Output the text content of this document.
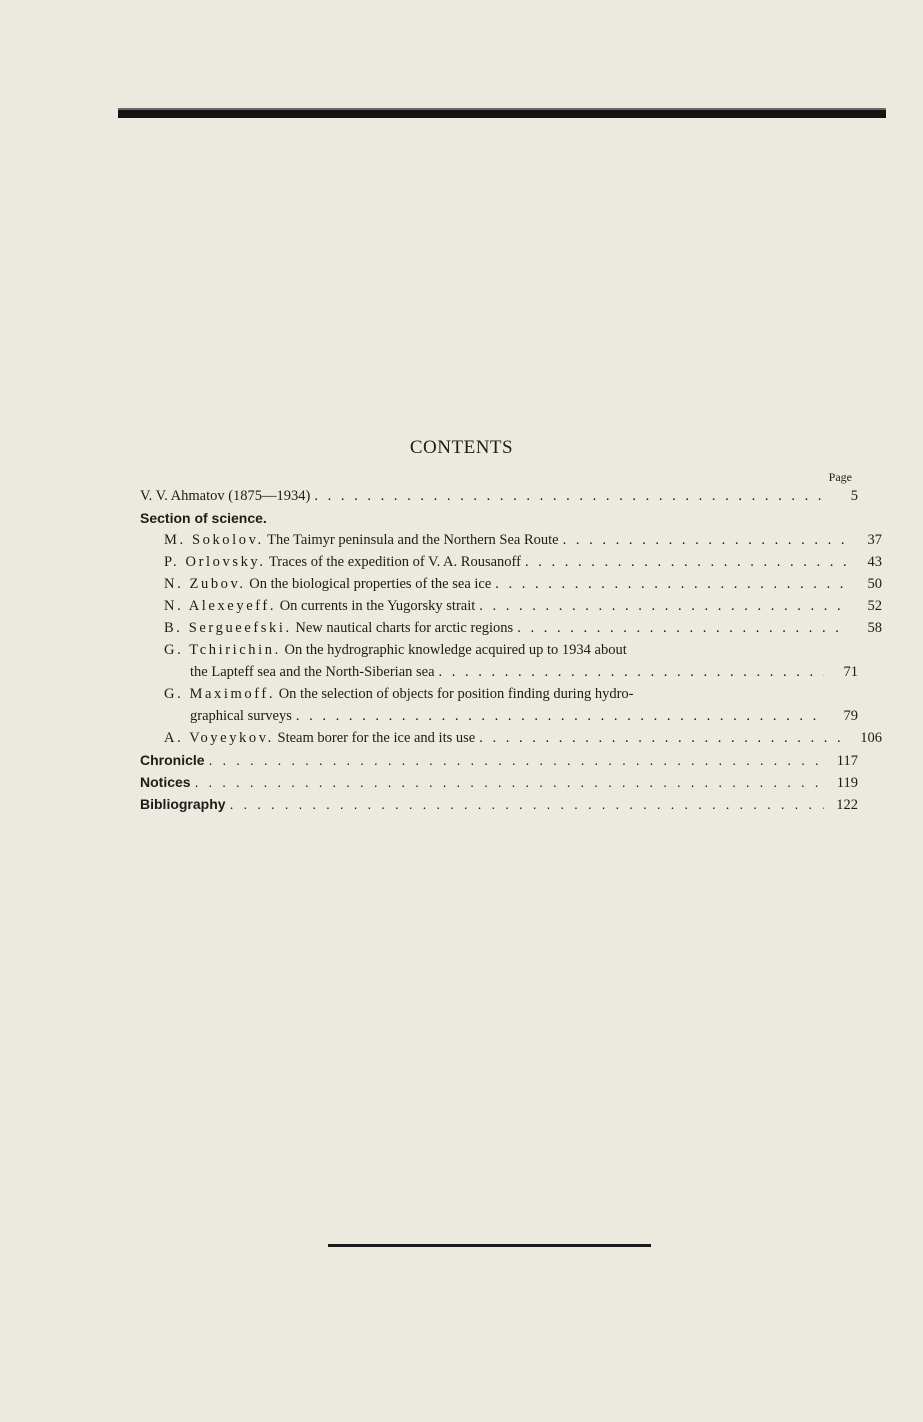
CONTENTS
Page
V. V. Ahmatov (1875—1934) . . .	5
Section of science.
M. Sokolov. The Taimyr peninsula and the Northern Sea Route . . .	37
P. Orlovsky. Traces of the expedition of V. A. Rousanoff . . .	43
N. Zubov. On the biological properties of the sea ice . . .	50
N. Alexeyeff. On currents in the Yugorsky strait . . .	52
B. Sergueefski. New nautical charts for arctic regions . . .	58
G. Tchirichin. On the hydrographic knowledge acquired up to 1934 about
the Lapteff sea and the North-Siberian sea . . .	71
G. Maximoff. On the selection of objects for position finding during hydro-
graphical surveys . . .	79
A. Voyeykov. Steam borer for the ice and its use . . .	106
Chronicle . . .	117
Notices . . .	119
Bibliography . . .	122
